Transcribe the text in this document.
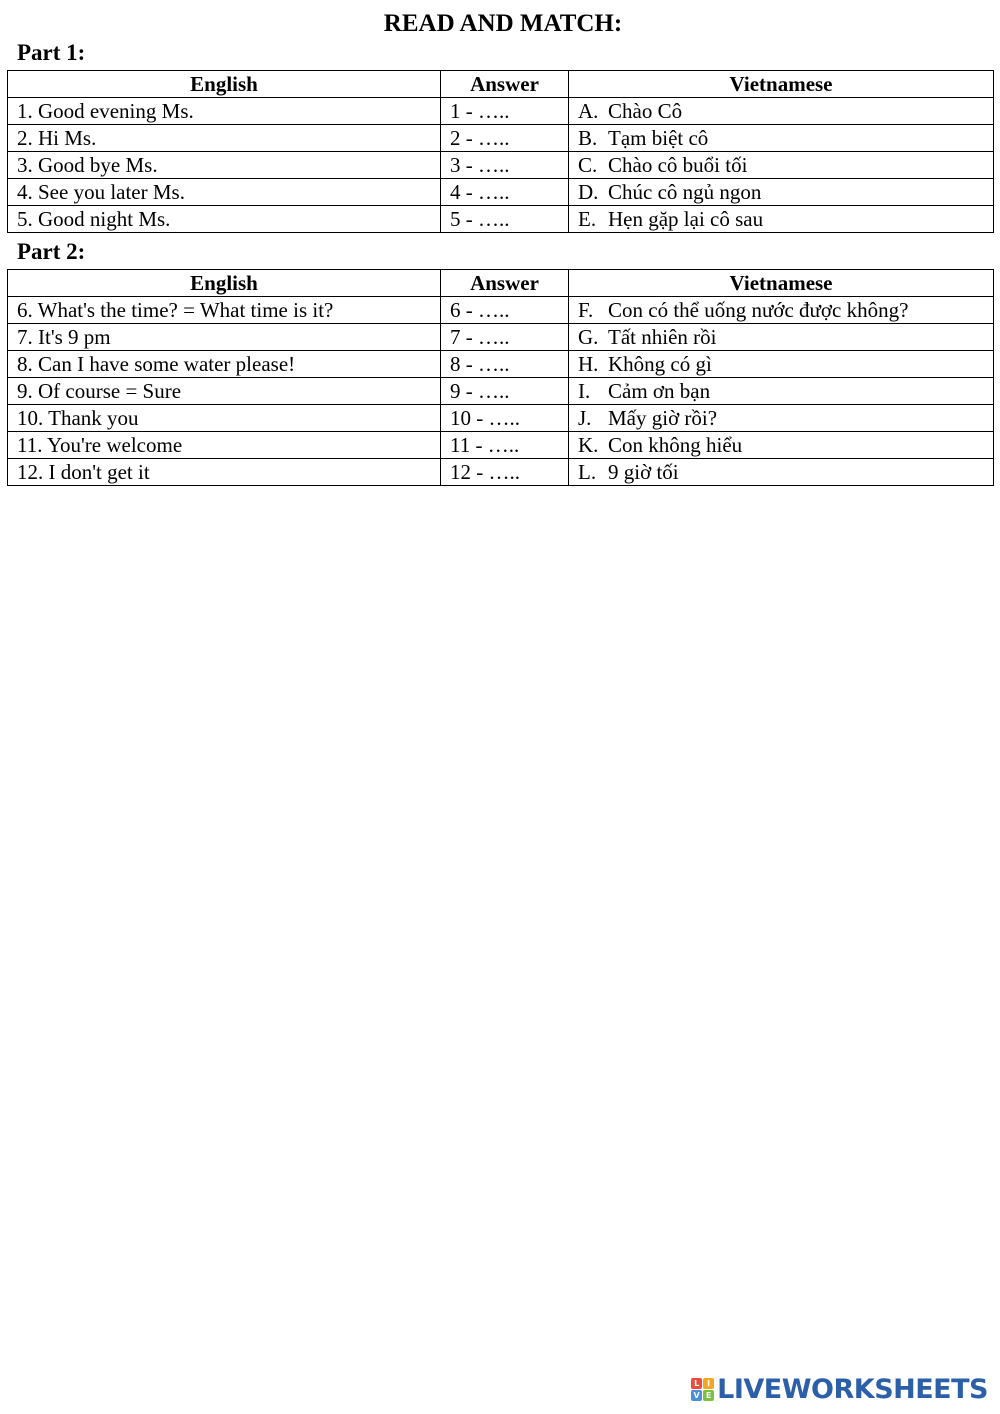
READ AND MATCH:
Part 1:
English	Answer	Vietnamese
1. Good evening Ms.	1 - …..	A. Chào Cô
2. Hi Ms.	2 - …..	B. Tạm biệt cô
3. Good bye Ms.	3 - …..	C. Chào cô buổi tối
4. See you later Ms.	4 - …..	D. Chúc cô ngủ ngon
5. Good night Ms.	5 - …..	E. Hẹn gặp lại cô sau
Part 2:
English	Answer	Vietnamese
6. What's the time? = What time is it?	6 - …..	F. Con có thể uống nước được không?
7. It's 9 pm	7 - …..	G. Tất nhiên rồi
8. Can I have some water please!	8 - …..	H. Không có gì
9. Of course = Sure	9 - …..	I. Cảm ơn bạn
10. Thank you	10 - …..	J. Mấy giờ rồi?
11. You're welcome	11 - …..	K. Con không hiểu
12. I don't get it	12 - …..	L. 9 giờ tối
L I
V E LIVEWORKSHEETS
